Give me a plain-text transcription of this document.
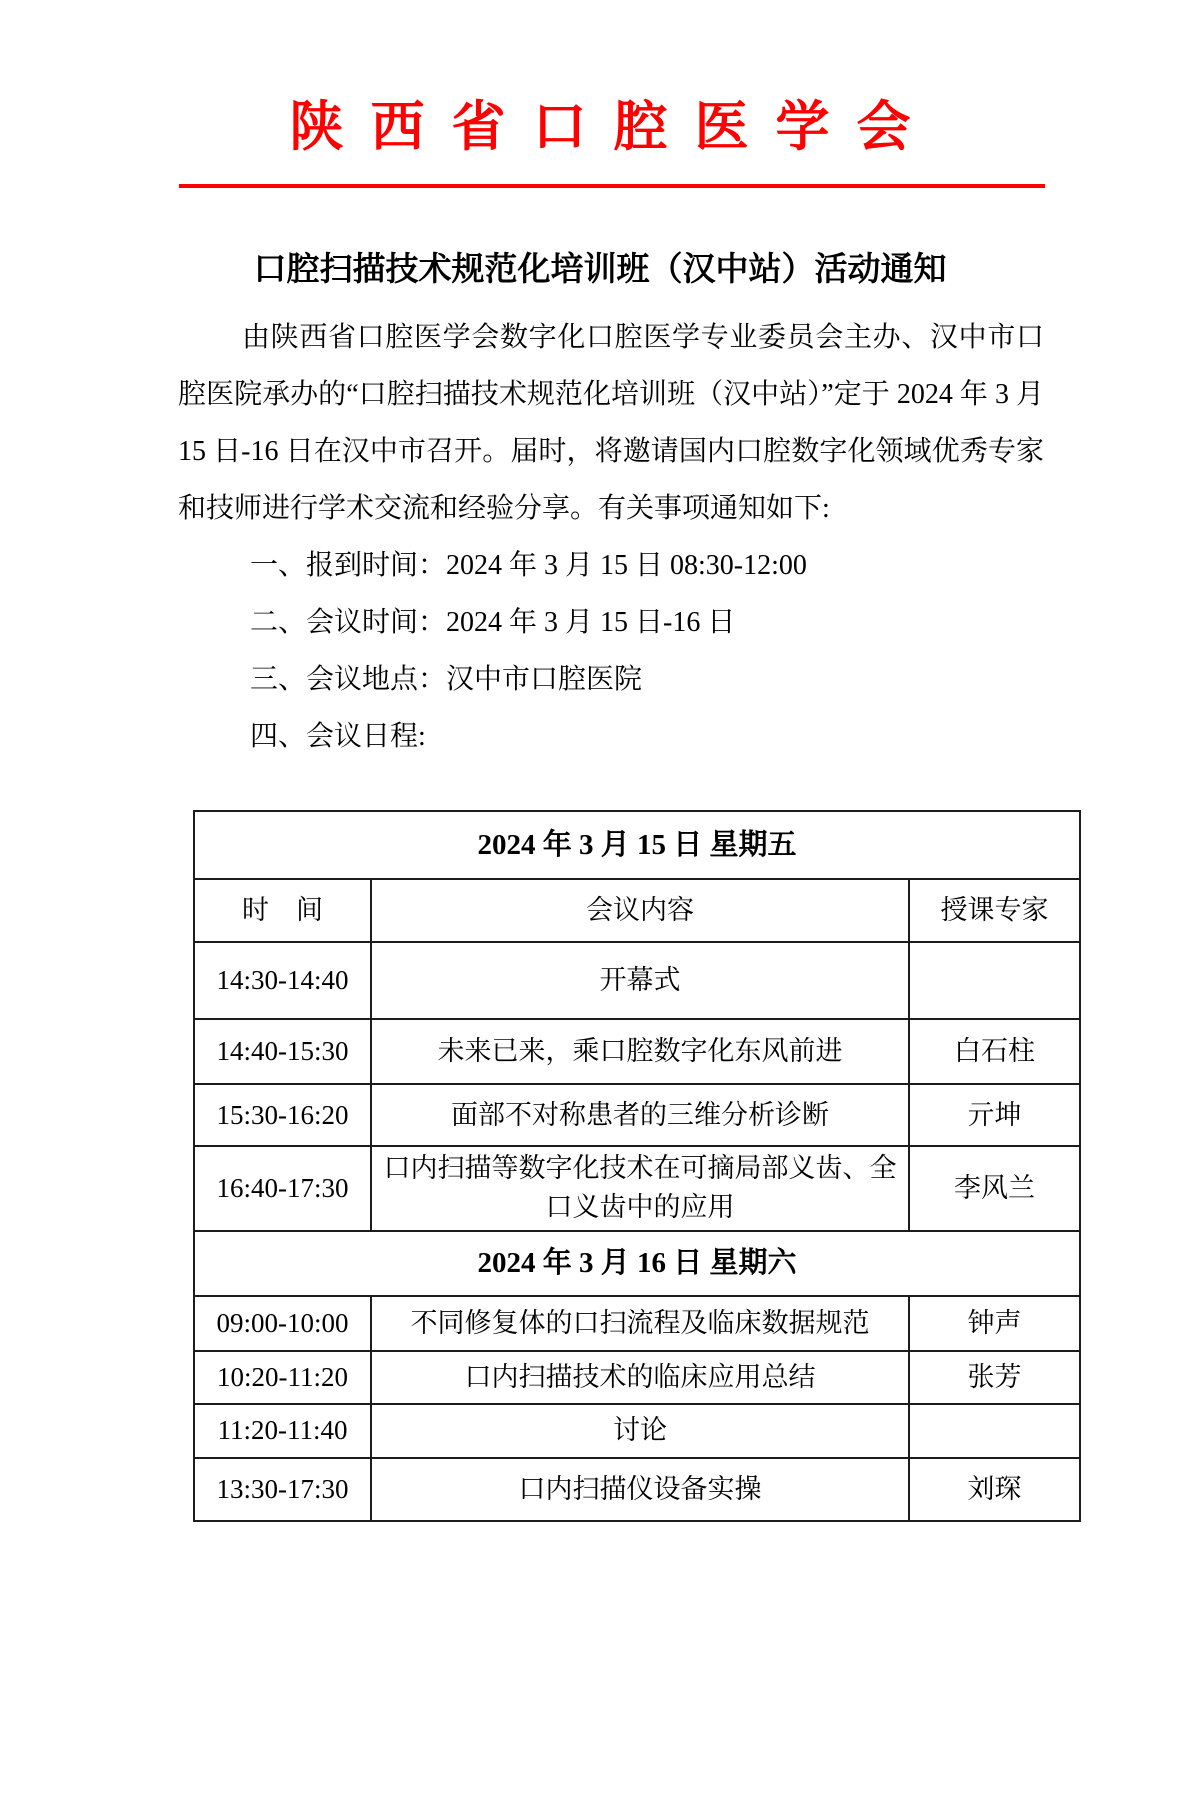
陕西省口腔医学会
口腔扫描技术规范化培训班（汉中站）活动通知

由陕西省口腔医学会数字化口腔医学专业委员会主办、汉中市口腔医院承办的“口腔扫描技术规范化培训班（汉中站）”定于 2024 年 3 月 15 日-16 日在汉中市召开。届时，将邀请国内口腔数字化领域优秀专家和技师进行学术交流和经验分享。有关事项通知如下:

一、报到时间：2024 年 3 月 15 日 08:30-12:00
二、会议时间：2024 年 3 月 15 日-16 日
三、会议地点：汉中市口腔医院
四、会议日程:
2024 年 3 月 15 日 星期五		
时　间	会议内容	授课专家
14:30-14:40	开幕式	
14:40-15:30	未来已来，乘口腔数字化东风前进	白石柱
15:30-16:20	面部不对称患者的三维分析诊断	亓坤
16:40-17:30	口内扫描等数字化技术在可摘局部义齿、全口义齿中的应用	李风兰
2024 年 3 月 16 日 星期六		
09:00-10:00	不同修复体的口扫流程及临床数据规范	钟声
10:20-11:20	口内扫描技术的临床应用总结	张芳
11:20-11:40	讨论	
13:30-17:30	口内扫描仪设备实操	刘琛
